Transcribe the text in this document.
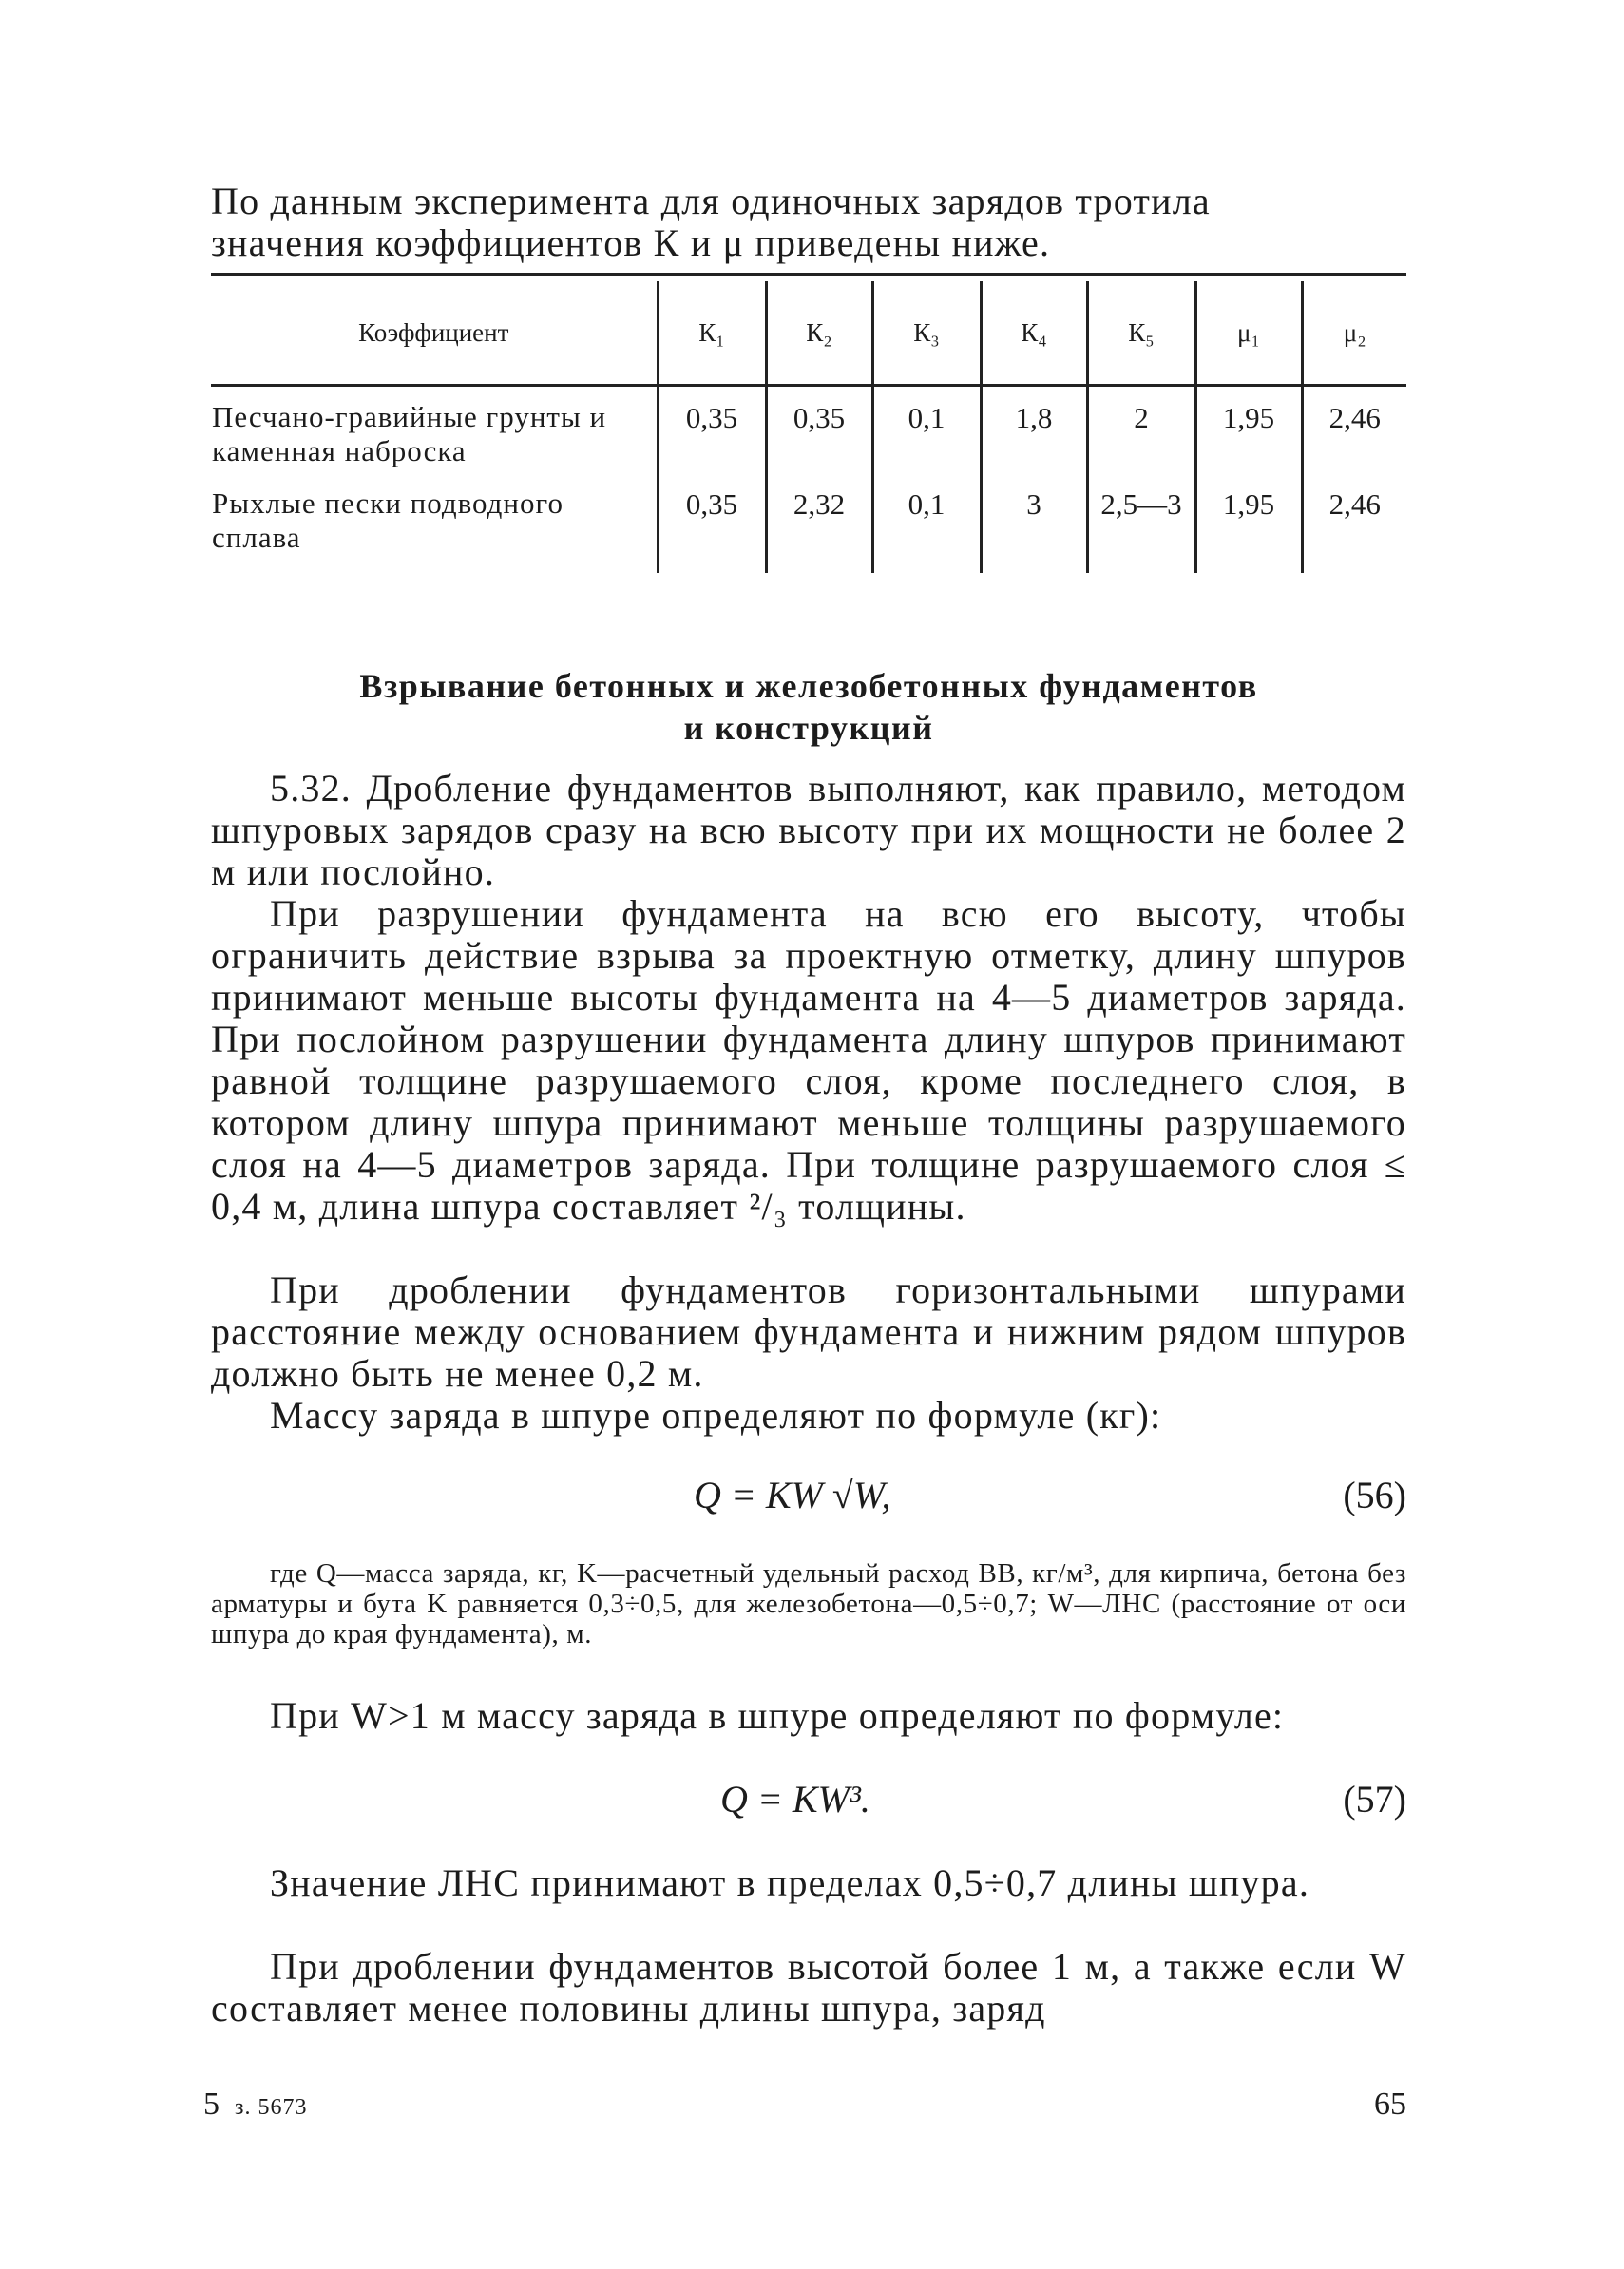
По данным эксперимента для одиночных зарядов тротила

значения коэффициентов К и μ приведены ниже.

Коэффициент	К₁	К₂	К₃	К₄	К₅	μ₁	μ₂
Песчано-гравийные грунты и каменная наброска	0,35	0,35	0,1	1,8	2	1,95	2,46
Рыхлые пески подводного сплава	0,35	2,32	0,1	3	2,5—3	1,95	2,46
Взрывание бетонных и железобетонных фундаментов
и конструкций

5.32. Дробление фундаментов выполняют, как правило, методом шпуровых зарядов сразу на всю высоту при их мощности не более 2 м или послойно.

При разрушении фундамента на всю его высоту, чтобы ограничить действие взрыва за проектную отметку, длину шпуров принимают меньше высоты фундамента на 4—5 диаметров заряда. При послойном разрушении фундамента длину шпуров принимают равной толщине разрушаемого слоя, кроме последнего слоя, в котором длину шпура принимают меньше толщины разрушаемого слоя на 4—5 диаметров заряда. При толщине разрушаемого слоя ≤ 0,4 м, длина шпура составляет ²/₃ толщины.

При дроблении фундаментов горизонтальными шпурами расстояние между основанием фундамента и нижним рядом шпуров должно быть не менее 0,2 м.

Массу заряда в шпуре определяют по формуле (кг):

Q = KW √W,	(56)

где Q—масса заряда, кг, K—расчетный удельный расход ВВ, кг/м³, для кирпича, бетона без арматуры и бута K равняется 0,3÷0,5, для железобетона—0,5÷0,7; W—ЛНС (расстояние от оси шпура до края фундамента), м.

При W>1 м массу заряда в шпуре определяют по формуле:

Q = KW³.	(57)

Значение ЛНС принимают в пределах 0,5÷0,7 длины шпура.

При дроблении фундаментов высотой более 1 м, а также если W составляет менее половины длины шпура, заряд

5 з. 5673	65
